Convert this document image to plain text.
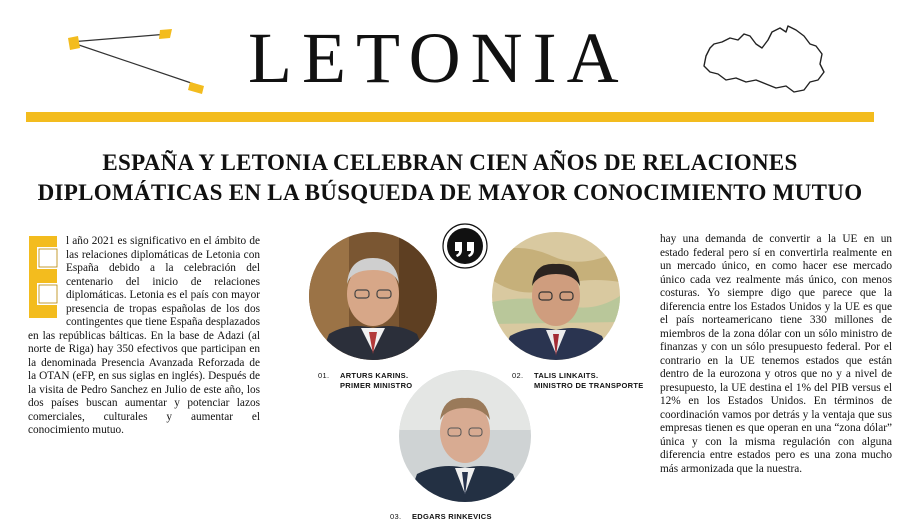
LETONIA
ESPAÑA Y LETONIA CELEBRAN CIEN AÑOS DE RELACIONES
DIPLOMÁTICAS EN LA BÚSQUEDA DE MAYOR CONOCIMIENTO MUTUO
E
l año 2021 es significativo en el ámbito de las relaciones diplomáticas de Letonia con España debido a la celebración del centenario del inicio de relaciones diplomáticas. Letonia es el país con mayor presencia de tropas españolas de los dos contingentes que tiene España desplazados en las repúblicas bálticas. En la base de Adazi (al norte de Riga) hay 350 efectivos que participan en la denominada Presencia Avanzada Reforzada de la OTAN (eFP, en sus siglas en inglés). Después de la visita de Pedro Sanchez en Julio de este año, los dos países buscan aumentar y potenciar lazos comerciales, culturales y aumentar el conocimiento mutuo.
01. ARTURS KARINS.
PRIMER MINISTRO
02. TALIS LINKAITS.
MINISTRO DE TRANSPORTE
03. EDGARS RINKEVICS
hay una demanda de convertir a la UE en un estado federal pero sí en convertirla realmente en un mercado único, en como hacer ese mercado único cada vez realmente más único, con menos costuras. Yo siempre digo que parece que la diferencia entre los Estados Unidos y la UE es que el país norteamericano tiene 330 millones de miembros de la zona dólar con un sólo ministro de finanzas y con un sólo presupuesto federal. Por el contrario en la UE tenemos estados que están dentro de la eurozona y otros que no y a nivel de presupuesto, la UE destina el 1% del PIB versus el 12% en los Estados Unidos. En términos de coordinación vamos por detrás y la ventaja que sus empresas tienen es que operan en una “zona dólar” única y con la misma regulación con alguna diferencia entre estados pero es una zona mucho más armonizada que la nuestra.
